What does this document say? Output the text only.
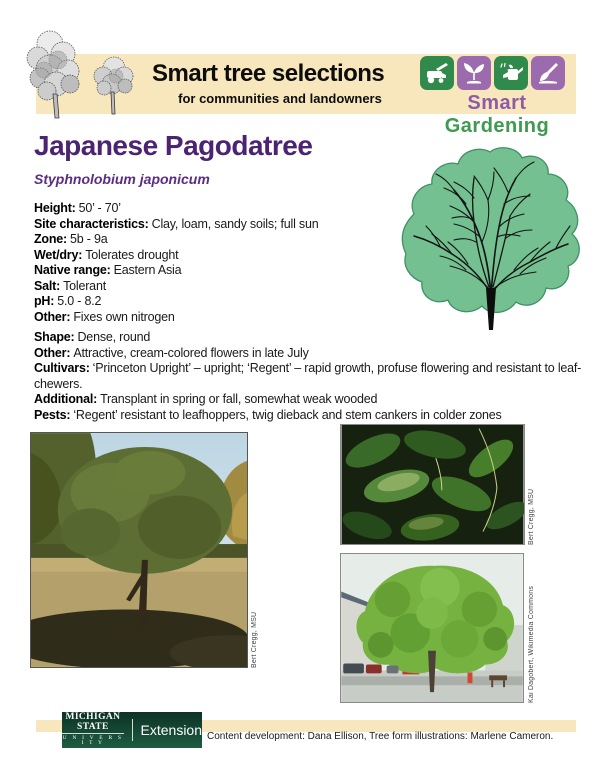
Smart tree selections
for communities and landowners	Smart Gardening
Japanese Pagodatree
Styphnolobium japonicum
Height: 50’ - 70’
Site characteristics: Clay, loam, sandy soils; full sun
Zone: 5b - 9a
Wet/dry: Tolerates drought
Native range: Eastern Asia
Salt: Tolerant
pH: 5.0 - 8.2
Other: Fixes own nitrogen
Shape: Dense, round
Other: Attractive, cream-colored flowers in late July
Cultivars: ‘Princeton Upright’ – upright; ‘Regent’ – rapid growth, profuse flowering and resistant to leaf-chewers.
Additional: Transplant in spring or fall, somewhat weak wooded
Pests: ‘Regent’ resistant to leafhoppers, twig dieback and stem cankers in colder zones
Bert Cregg, MSU
Bert Cregg, MSU
Kai Dagobert, Wikimedia Commons
MICHIGAN STATE
U N I V E R S I T Y
Extension Content development: Dana Ellison, Tree form illustrations: Marlene Cameron.
